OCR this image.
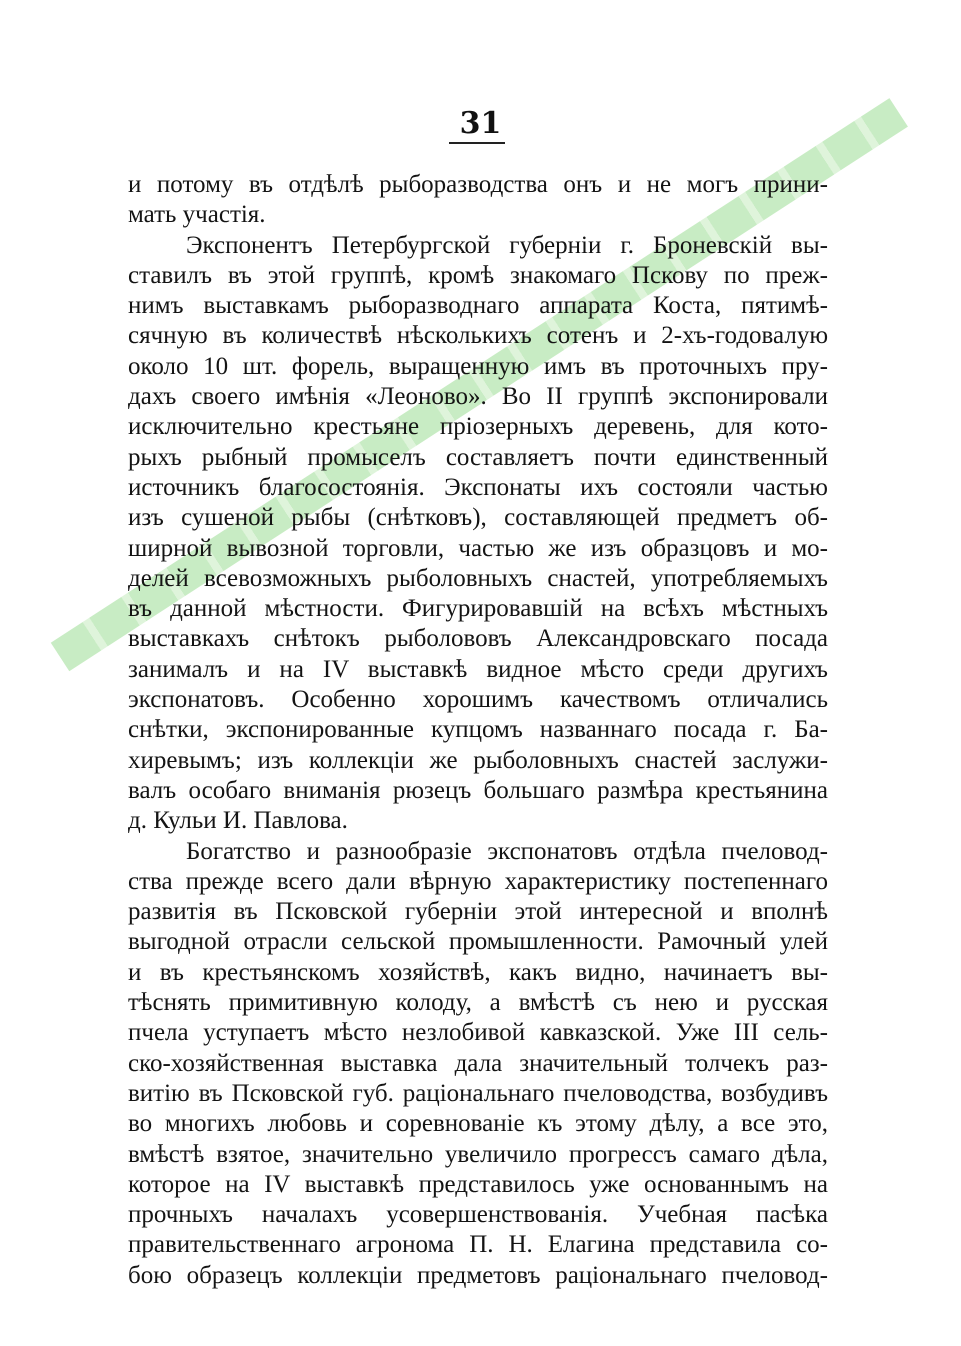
31
и потому въ отдѣлѣ рыборазводства онъ и не могъ прини-
мать участія.
Экспонентъ Петербургской губерніи г. Броневскій вы-
ставилъ въ этой группѣ, кромѣ знакомаго Пскову по преж-
нимъ выставкамъ рыборазводнаго аппарата Коста, пятимѣ-
сячную въ количествѣ нѣсколькихъ сотенъ и 2-хъ-годовалую
около 10 шт. форель, выращенную имъ въ проточныхъ пру-
дахъ своего имѣнія «Леоново». Во II группѣ экспонировали
исключительно крестьяне пріозерныхъ деревень, для кото-
рыхъ рыбный промыселъ составляетъ почти единственный
источникъ благосостоянія. Экспонаты ихъ состояли частью
изъ сушеной рыбы (снѣтковъ), составляющей предметъ об-
ширной вывозной торговли, частью же изъ образцовъ и мо-
делей всевозможныхъ рыболовныхъ снастей, употребляемыхъ
въ данной мѣстности. Фигурировавшій на всѣхъ мѣстныхъ
выставкахъ снѣтокъ рыболововъ Александровскаго посада
занималъ и на IV выставкѣ видное мѣсто среди другихъ
экспонатовъ. Особенно хорошимъ качествомъ отличались
снѣтки, экспонированные купцомъ названнаго посада г. Ба-
хиревымъ; изъ коллекціи же рыболовныхъ снастей заслужи-
валъ особаго вниманія рюзецъ большаго размѣра крестьянина
д. Кульи И. Павлова.
Богатство и разнообразіе экспонатовъ отдѣла пчеловод-
ства прежде всего дали вѣрную характеристику постепеннаго
развитія въ Псковской губерніи этой интересной и вполнѣ
выгодной отрасли сельской промышленности. Рамочный улей
и въ крестьянскомъ хозяйствѣ, какъ видно, начинаетъ вы-
тѣснять примитивную колоду, а вмѣстѣ съ нею и русская
пчела уступаетъ мѣсто незлобивой кавказской. Уже III сель-
ско-хозяйственная выставка дала значительный толчекъ раз-
витію въ Псковской губ. раціональнаго пчеловодства, возбудивъ
во многихъ любовь и соревнованіе къ этому дѣлу, а все это,
вмѣстѣ взятое, значительно увеличило прогрессъ самаго дѣла,
которое на IV выставкѣ представилось уже основаннымъ на
прочныхъ началахъ усовершенствованія. Учебная пасѣка
правительственнаго агронома П. Н. Елагина представила со-
бою образецъ коллекціи предметовъ раціональнаго пчеловод-
